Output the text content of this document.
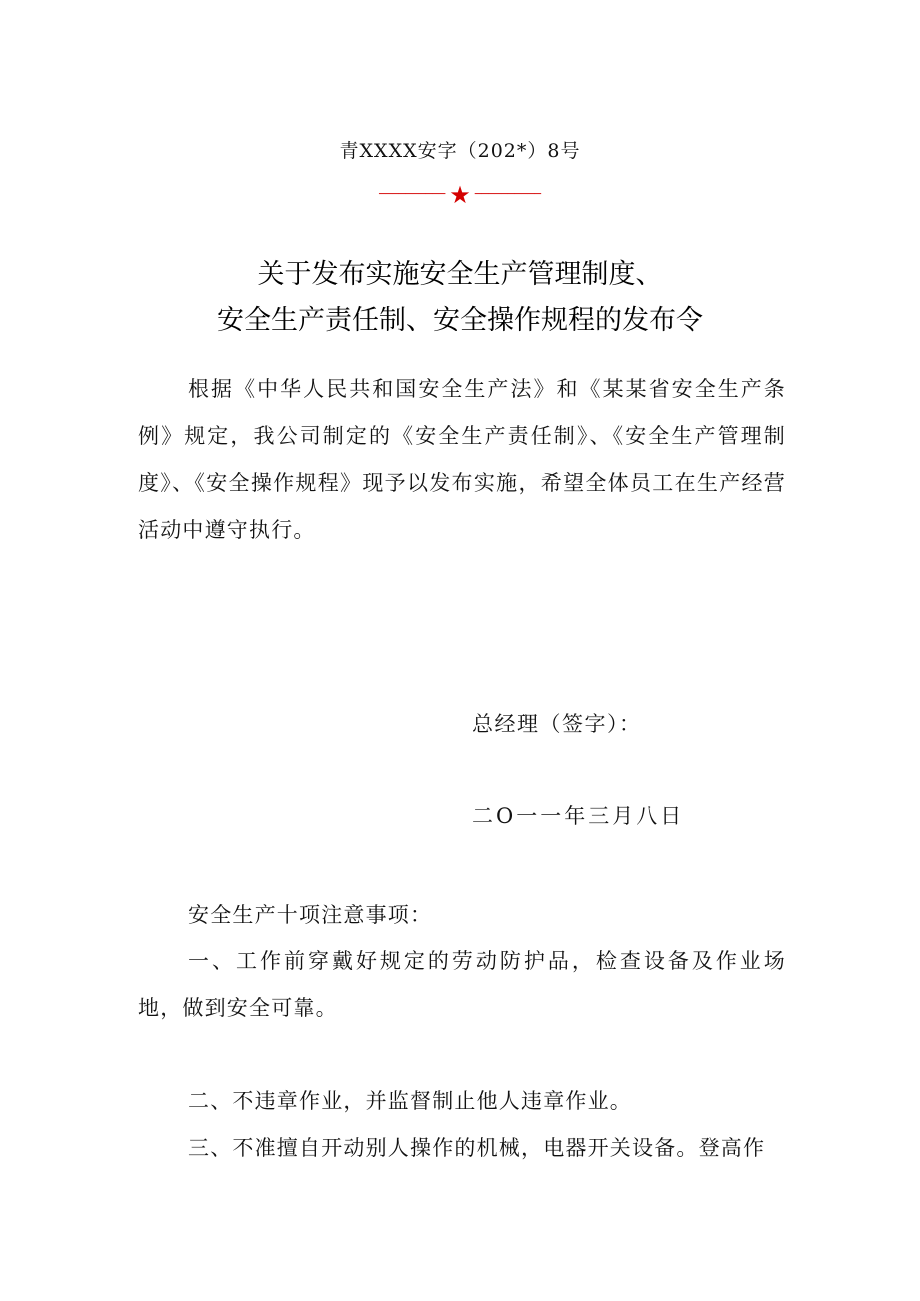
青XXXX安字（202*）8号
────────── ★ ──────────
关于发布实施安全生产管理制度、
安全生产责任制、安全操作规程的发布令
根据《中华人民共和国安全生产法》和《某某省安全生产条例》规定，我公司制定的《安全生产责任制》、《安全生产管理制度》、《安全操作规程》现予以发布实施，希望全体员工在生产经营活动中遵守执行。
总经理（签字）：
二O一一年三月八日
安全生产十项注意事项：
一、工作前穿戴好规定的劳动防护品，检查设备及作业场地，做到安全可靠。
二、不违章作业，并监督制止他人违章作业。
三、不准擅自开动别人操作的机械，电器开关设备。登高作
